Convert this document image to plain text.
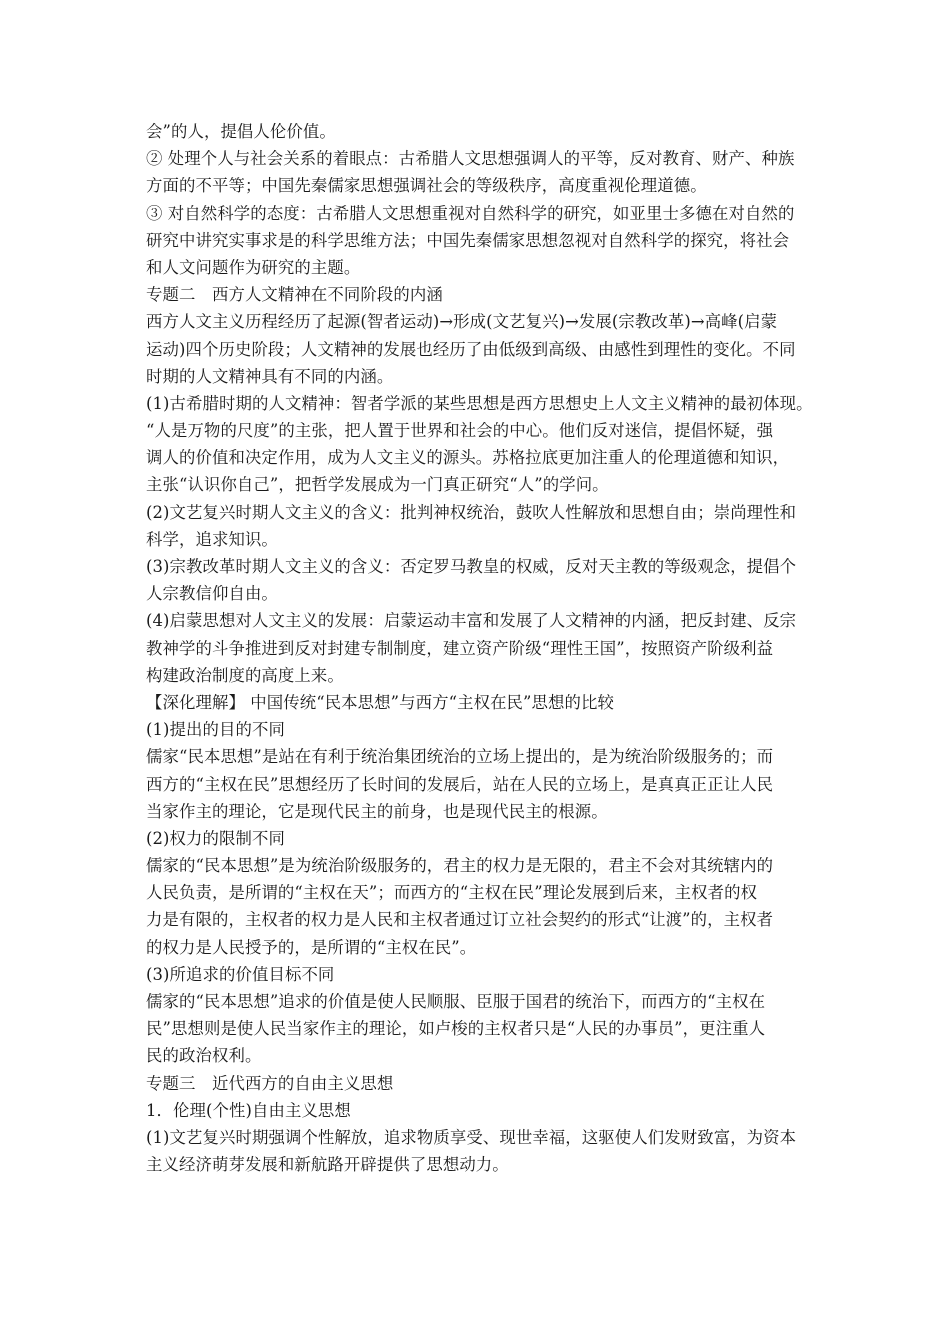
会”的人，提倡人伦价值。
② 处理个人与社会关系的着眼点：古希腊人文思想强调人的平等，反对教育、财产、种族
方面的不平等；中国先秦儒家思想强调社会的等级秩序，高度重视伦理道德。
③ 对自然科学的态度：古希腊人文思想重视对自然科学的研究，如亚里士多德在对自然的
研究中讲究实事求是的科学思维方法；中国先秦儒家思想忽视对自然科学的探究，将社会
和人文问题作为研究的主题。
专题二　西方人文精神在不同阶段的内涵
西方人文主义历程经历了起源(智者运动)→形成(文艺复兴)→发展(宗教改革)→高峰(启蒙
运动)四个历史阶段；人文精神的发展也经历了由低级到高级、由感性到理性的变化。不同
时期的人文精神具有不同的内涵。
(1)古希腊时期的人文精神：智者学派的某些思想是西方思想史上人文主义精神的最初体现。
“人是万物的尺度”的主张，把人置于世界和社会的中心。他们反对迷信，提倡怀疑，强
调人的价值和决定作用，成为人文主义的源头。苏格拉底更加注重人的伦理道德和知识，
主张“认识你自己”，把哲学发展成为一门真正研究“人”的学问。
(2)文艺复兴时期人文主义的含义：批判神权统治，鼓吹人性解放和思想自由；崇尚理性和
科学，追求知识。
(3)宗教改革时期人文主义的含义：否定罗马教皇的权威，反对天主教的等级观念，提倡个
人宗教信仰自由。
(4)启蒙思想对人文主义的发展：启蒙运动丰富和发展了人文精神的内涵，把反封建、反宗
教神学的斗争推进到反对封建专制制度，建立资产阶级“理性王国”，按照资产阶级利益
构建政治制度的高度上来。
【深化理解】 中国传统“民本思想”与西方“主权在民”思想的比较
(1)提出的目的不同
儒家“民本思想”是站在有利于统治集团统治的立场上提出的，是为统治阶级服务的；而
西方的“主权在民”思想经历了长时间的发展后，站在人民的立场上，是真真正正让人民
当家作主的理论，它是现代民主的前身，也是现代民主的根源。
(2)权力的限制不同
儒家的“民本思想”是为统治阶级服务的，君主的权力是无限的，君主不会对其统辖内的
人民负责，是所谓的“主权在天”；而西方的“主权在民”理论发展到后来，主权者的权
力是有限的，主权者的权力是人民和主权者通过订立社会契约的形式“让渡”的，主权者
的权力是人民授予的，是所谓的“主权在民”。
(3)所追求的价值目标不同
儒家的“民本思想”追求的价值是使人民顺服、臣服于国君的统治下，而西方的“主权在
民”思想则是使人民当家作主的理论，如卢梭的主权者只是“人民的办事员”，更注重人
民的政治权利。
专题三　近代西方的自由主义思想
1．伦理(个性)自由主义思想
(1)文艺复兴时期强调个性解放，追求物质享受、现世幸福，这驱使人们发财致富，为资本
主义经济萌芽发展和新航路开辟提供了思想动力。
